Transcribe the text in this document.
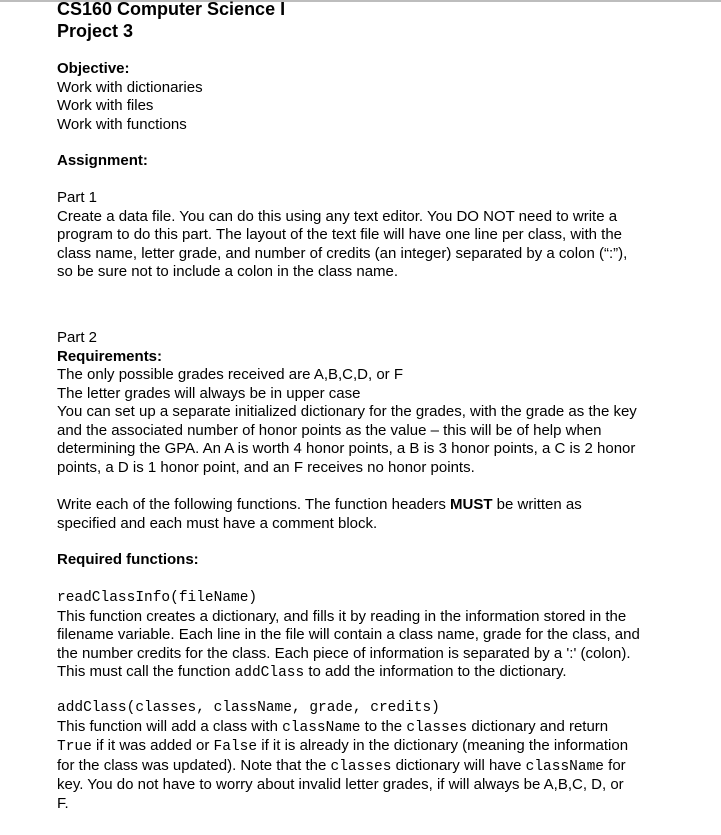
CS160 Computer Science I
Project 3
Objective:
Work with dictionaries
Work with files
Work with functions
Assignment:
Part 1
Create a data file. You can do this using any text editor. You DO NOT need to write a
program to do this part. The layout of the text file will have one line per class, with the
class name, letter grade, and number of credits (an integer) separated by a colon (“:”),
so be sure not to include a colon in the class name.
Part 2
Requirements:
The only possible grades received are A,B,C,D, or F
The letter grades will always be in upper case
You can set up a separate initialized dictionary for the grades, with the grade as the key
and the associated number of honor points as the value – this will be of help when
determining the GPA. An A is worth 4 honor points, a B is 3 honor points, a C is 2 honor
points, a D is 1 honor point, and an F receives no honor points.
Write each of the following functions. The function headers MUST be written as
specified and each must have a comment block.
Required functions:
readClassInfo(fileName)
This function creates a dictionary, and fills it by reading in the information stored in the
filename variable. Each line in the file will contain a class name, grade for the class, and
the number credits for the class. Each piece of information is separated by a ':' (colon).
This must call the function addClass to add the information to the dictionary.
addClass(classes, className, grade, credits)
This function will add a class with className to the classes dictionary and return
True if it was added or False if it is already in the dictionary (meaning the information
for the class was updated). Note that the classes dictionary will have className for
key. You do not have to worry about invalid letter grades, if will always be A,B,C, D, or
F.
